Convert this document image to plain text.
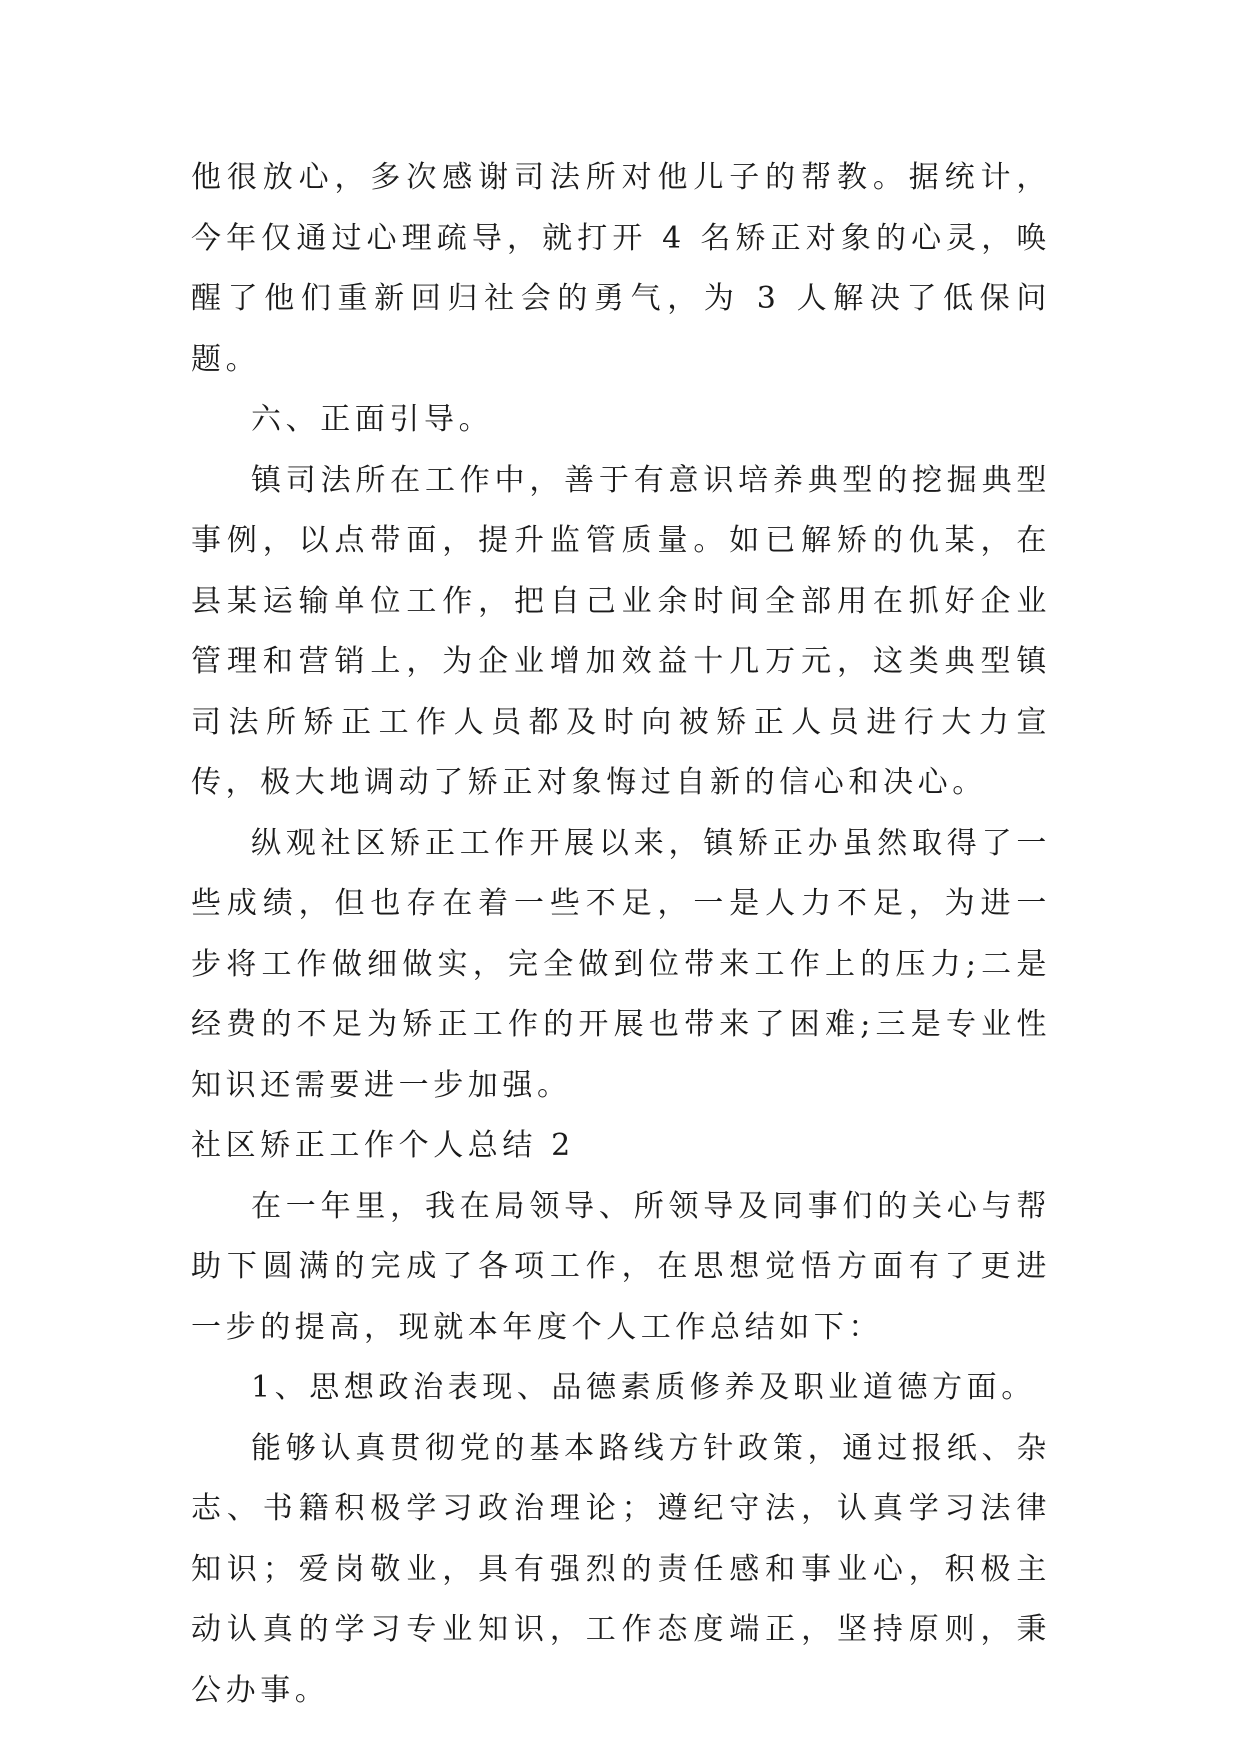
他很放心，多次感谢司法所对他儿子的帮教。据统计，今年仅通过心理疏导，就打开 4 名矫正对象的心灵，唤醒了他们重新回归社会的勇气，为 3 人解决了低保问题。

六、正面引导。

镇司法所在工作中，善于有意识培养典型的挖掘典型事例，以点带面，提升监管质量。如已解矫的仇某，在县某运输单位工作，把自己业余时间全部用在抓好企业管理和营销上，为企业增加效益十几万元，这类典型镇司法所矫正工作人员都及时向被矫正人员进行大力宣传，极大地调动了矫正对象悔过自新的信心和决心。

纵观社区矫正工作开展以来，镇矫正办虽然取得了一些成绩，但也存在着一些不足，一是人力不足，为进一步将工作做细做实，完全做到位带来工作上的压力;二是经费的不足为矫正工作的开展也带来了困难;三是专业性知识还需要进一步加强。

社区矫正工作个人总结 2

在一年里，我在局领导、所领导及同事们的关心与帮助下圆满的完成了各项工作，在思想觉悟方面有了更进一步的提高，现就本年度个人工作总结如下：

1、思想政治表现、品德素质修养及职业道德方面。

能够认真贯彻党的基本路线方针政策，通过报纸、杂志、书籍积极学习政治理论；遵纪守法，认真学习法律知识；爱岗敬业，具有强烈的责任感和事业心，积极主动认真的学习专业知识，工作态度端正，坚持原则，秉公办事。
